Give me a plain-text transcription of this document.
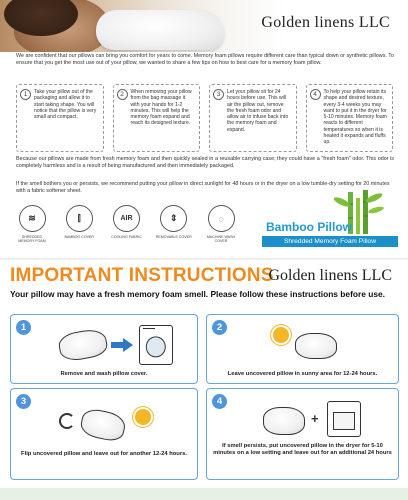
Golden linens LLC

We are confident that our pillows can bring you comfort for years to come. Memory foam pillows require different care than typical down or synthetic pillows. To ensure that you get the most use out of your pillow, we wanted to share a few tips on how to best care for a memory foam pillow.

1	Take your pillow out of the packaging and allow it to start taking shape. You will notice that the pillow is very small and compact.
2	When removing your pillow from the bag massage it with your hands for 1-2 minutes. This will help the memory foam expand and reach its designed texture.
3	Let your pillow sit for 24 hours before use. This will air the pillow out, remove the fresh foam odor and allow air to infuse back into the memory foam and expand.
4	To help your pillow retain its shape and desired texture, every 3-4 weeks you may want to put it in the dryer for 5-10 minutes. Memory foam reacts to different temperatures so when it is heated it expands and fluffs up.

Because our pillows are made from fresh memory foam and then quickly sealed in a reusable carrying case; they could have a "fresh foam" odor. This odor is completely harmless and is a result of being manufactured and then immediately packaged.

If the smell bothers you or persists, we recommend putting your pillow in direct sunlight for 48 hours or in the dryer on a low tumble-dry setting for 20 minutes with a fabric softener sheet.

≋
SHREDDED MEMORY FOAM
⫿
BAMBOO COVER
AIR
COOLING FABRIC
⇕
REMOVABLE COVER
◌
MACHINE WASH COVER
Bamboo Pillow
Shredded Memory Foam Pillow
IMPORTANT INSTRUCTIONS
Golden linens LLC
Your pillow may have a fresh memory foam smell. Please follow these instructions before use.
1
Remove and wash pillow cover.
2
Leave uncovered pillow in sunny area for 12-24 hours.
3
Flip uncovered pillow and leave out for another 12-24 hours.
4
+
If smell persists, put uncovered pillow in the dryer for 5-10 minutes on a low setting and leave out for an additional 24 hours
